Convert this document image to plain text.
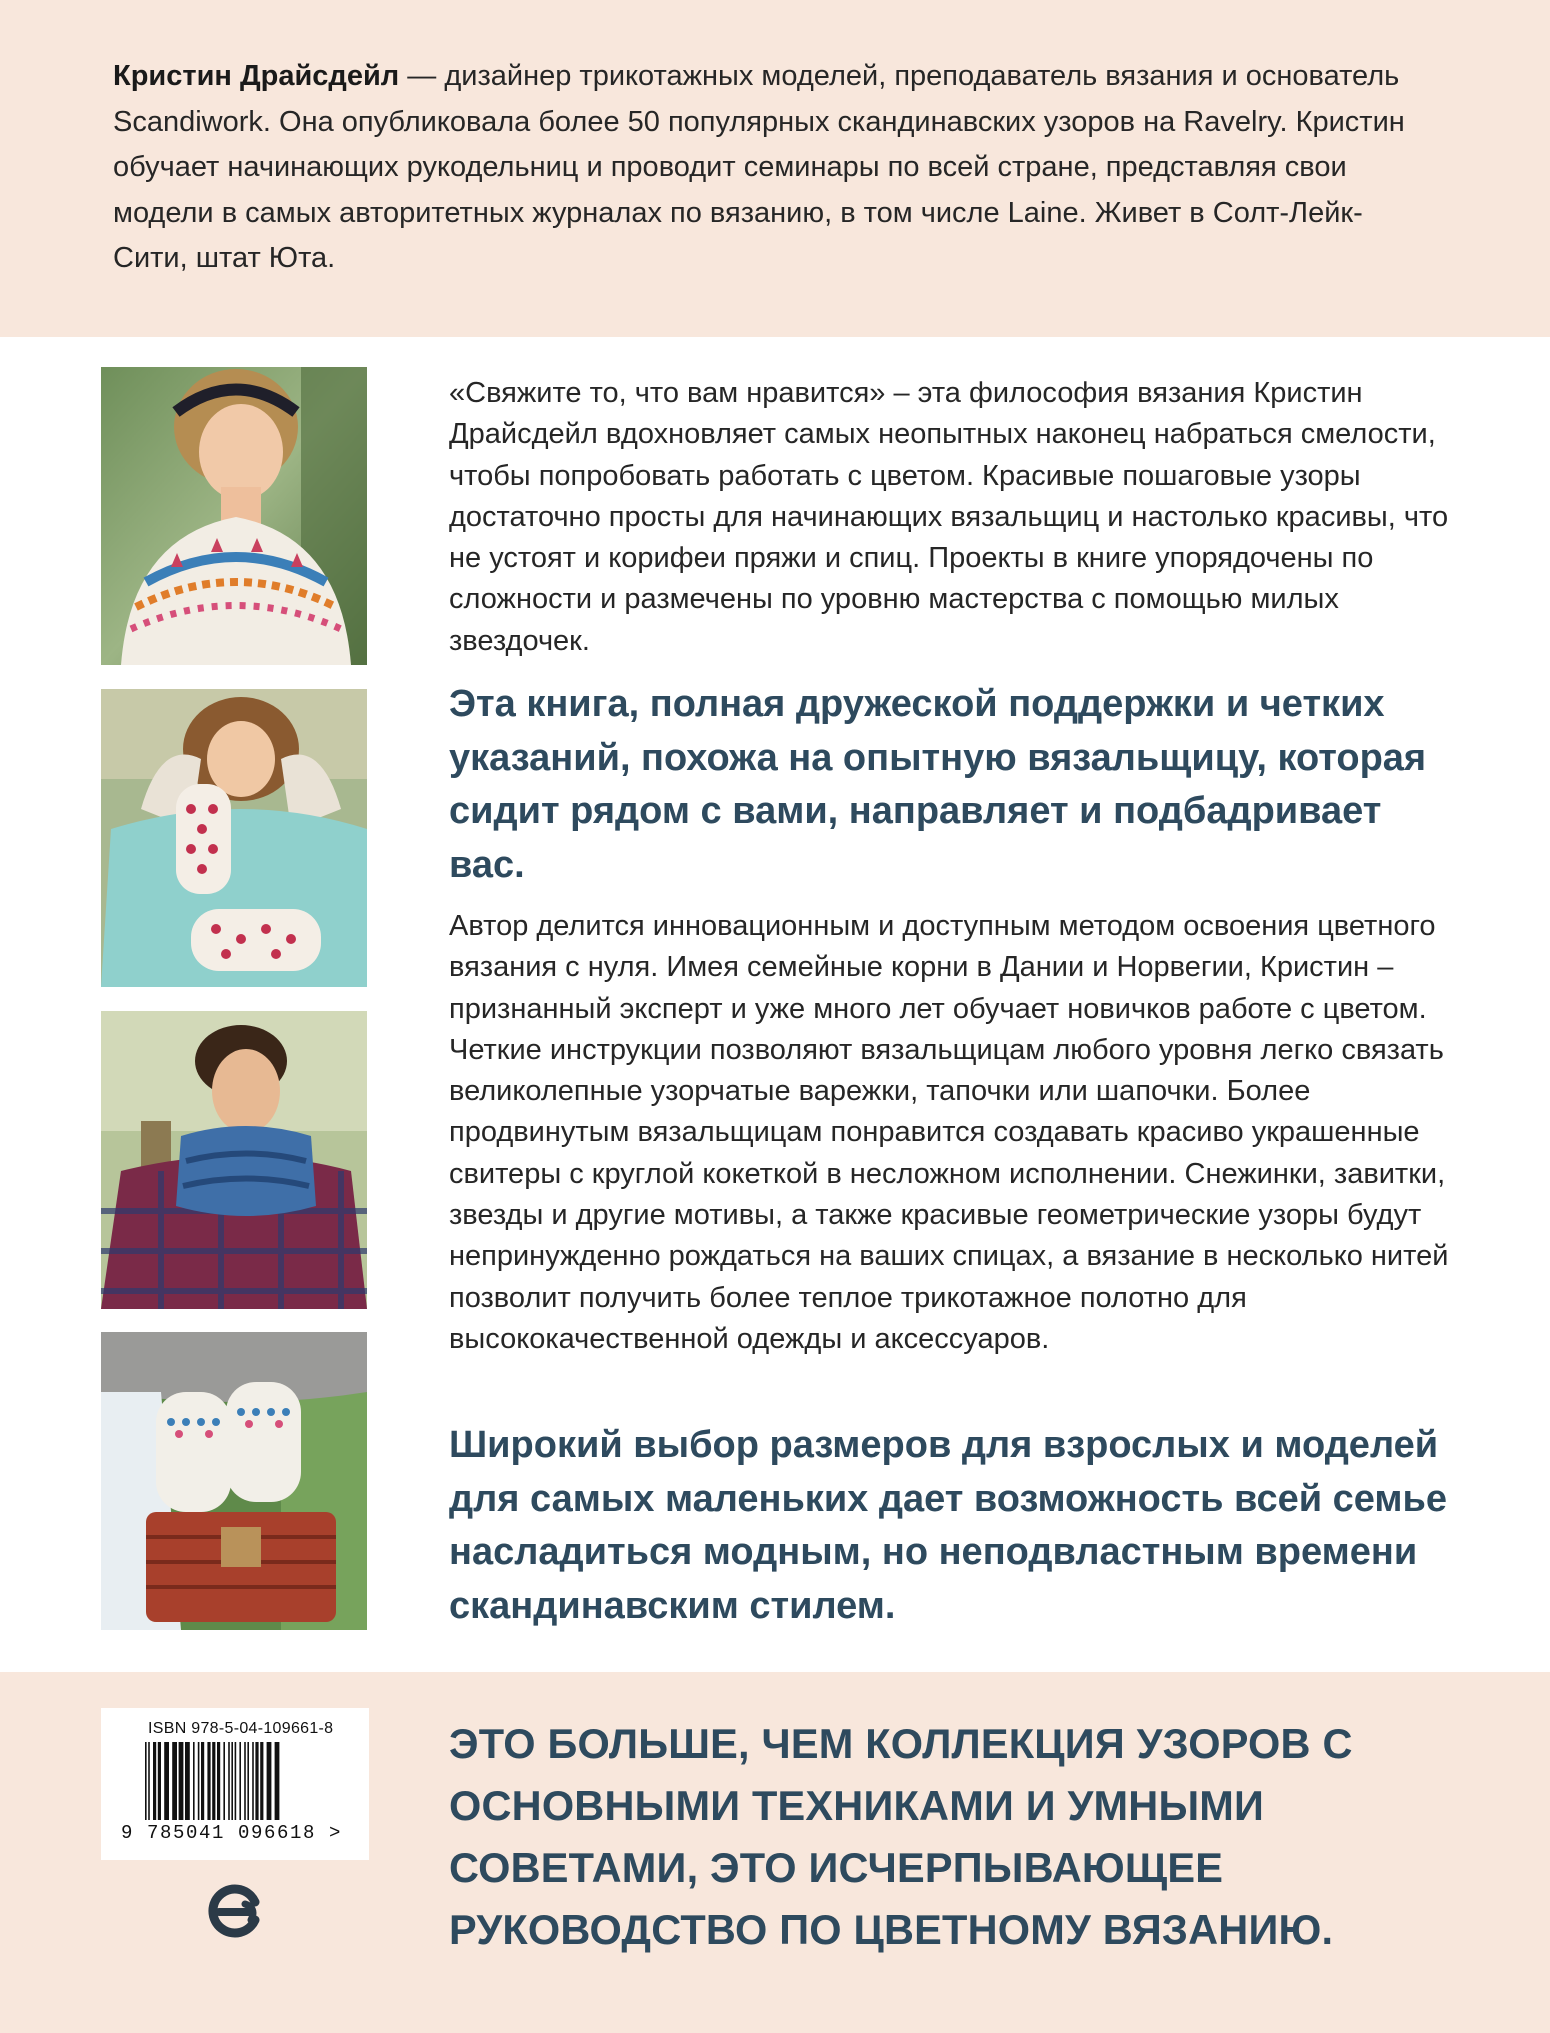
Кристин Драйсдейл — дизайнер трикотажных моделей, преподаватель вязания и основатель Scandiwork. Она опубликовала более 50 популярных скандинавских узоров на Ravelry. Кристин обучает начинающих рукодельниц и проводит семинары по всей стране, представляя свои модели в самых авторитетных журналах по вязанию, в том числе Laine. Живет в Солт-Лейк-Сити, штат Юта.

«Свяжите то, что вам нравится» – эта философия вязания Кристин Драйсдейл вдохновляет самых неопытных наконец набраться смелости, чтобы попробовать работать с цветом. Красивые пошаговые узоры достаточно просты для начинающих вязальщиц и настолько красивы, что не устоят и корифеи пряжи и спиц. Проекты в книге упорядочены по сложности и размечены по уровню мастерства с помощью милых звездочек.

Эта книга, полная дружеской поддержки и четких указаний, похожа на опытную вязальщицу, которая сидит рядом с вами, направляет и подбадривает вас.

Автор делится инновационным и доступным методом освоения цветного вязания с нуля. Имея семейные корни в Дании и Норвегии, Кристин – признанный эксперт и уже много лет обучает новичков работе с цветом. Четкие инструкции позволяют вязальщицам любого уровня легко связать великолепные узорчатые варежки, тапочки или шапочки. Более продвинутым вязальщицам понравится создавать красиво украшенные свитеры с круглой кокеткой в несложном исполнении. Снежинки, завитки, звезды и другие мотивы, а также красивые геометрические узоры будут непринужденно рождаться на ваших спицах, а вязание в несколько нитей позволит получить более теплое трикотажное полотно для высококачественной одежды и аксессуаров.

Широкий выбор размеров для взрослых и моделей для самых маленьких дает возможность всей семье насладиться модным, но неподвластным времени скандинавским стилем.

ISBN 978-5-04-109661-8
9 785041 096618 >

ЭТО БОЛЬШЕ, ЧЕМ КОЛЛЕКЦИЯ УЗОРОВ С ОСНОВНЫМИ ТЕХНИКАМИ И УМНЫМИ СОВЕТАМИ, ЭТО ИСЧЕРПЫВАЮЩЕЕ РУКОВОДСТВО ПО ЦВЕТНОМУ ВЯЗАНИЮ.
